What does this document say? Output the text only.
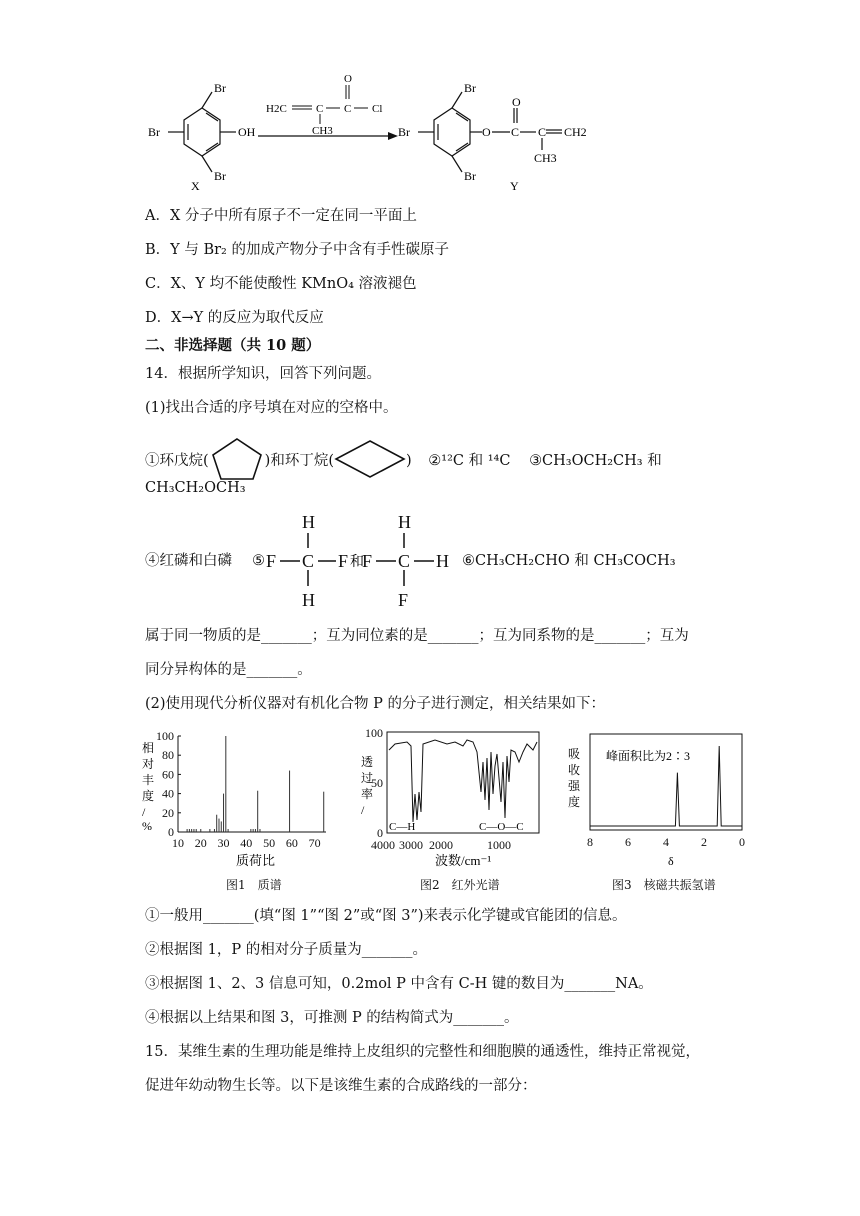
Br
Br
Br	OH
X
H2C	C C Cl
O
CH3
Br
Br
Br	O C
O
C CH2
CH3
Y
A．X 分子中所有原子不一定在同一平面上
B．Y 与 Br₂ 的加成产物分子中含有手性碳原子
C．X、Y 均不能使酸性 KMnO₄ 溶液褪色
D．X→Y 的反应为取代反应
二、非选择题（共 10 题）
14．根据所学知识，回答下列问题。
(1)找出合适的序号填在对应的空格中。
①环戊烷(	)和环丁烷(	) ②¹²C 和 ¹⁴C ③CH₃OCH₂CH₃ 和
CH₃CH₂OCH₃
④红磷和白磷 ⑤
H
H
F C F F
H
F
C H
和	⑥CH₃CH₂CHO 和 CH₃COCH₃
属于同一物质的是_______；互为同位素的是_______；互为同系物的是_______；互为
同分异构体的是_______。
(2)使用现代分析仪器对有机化合物 P 的分子进行测定，相关结果如下：
0
20
40
60
80
100
10 20 30 40 50 60 70
相
对
丰
度
/
%
质荷比
图1　质谱
100
50
0
4000 3000 2000	1000
透
过
率
/
C—H	C—O—C
波数/cm⁻¹
图2　红外光谱
吸
收
强
度
峰面积比为2∶3
8	6	4	2	0
δ
图3　核磁共振氢谱
①一般用_______(填“图 1”“图 2”或“图 3”)来表示化学键或官能团的信息。
②根据图 1，P 的相对分子质量为_______。
③根据图 1、2、3 信息可知，0.2mol P 中含有 C-H 键的数目为_______NA。
④根据以上结果和图 3，可推测 P 的结构简式为_______。
15．某维生素的生理功能是维持上皮组织的完整性和细胞膜的通透性，维持正常视觉，
促进年幼动物生长等。以下是该维生素的合成路线的一部分：
